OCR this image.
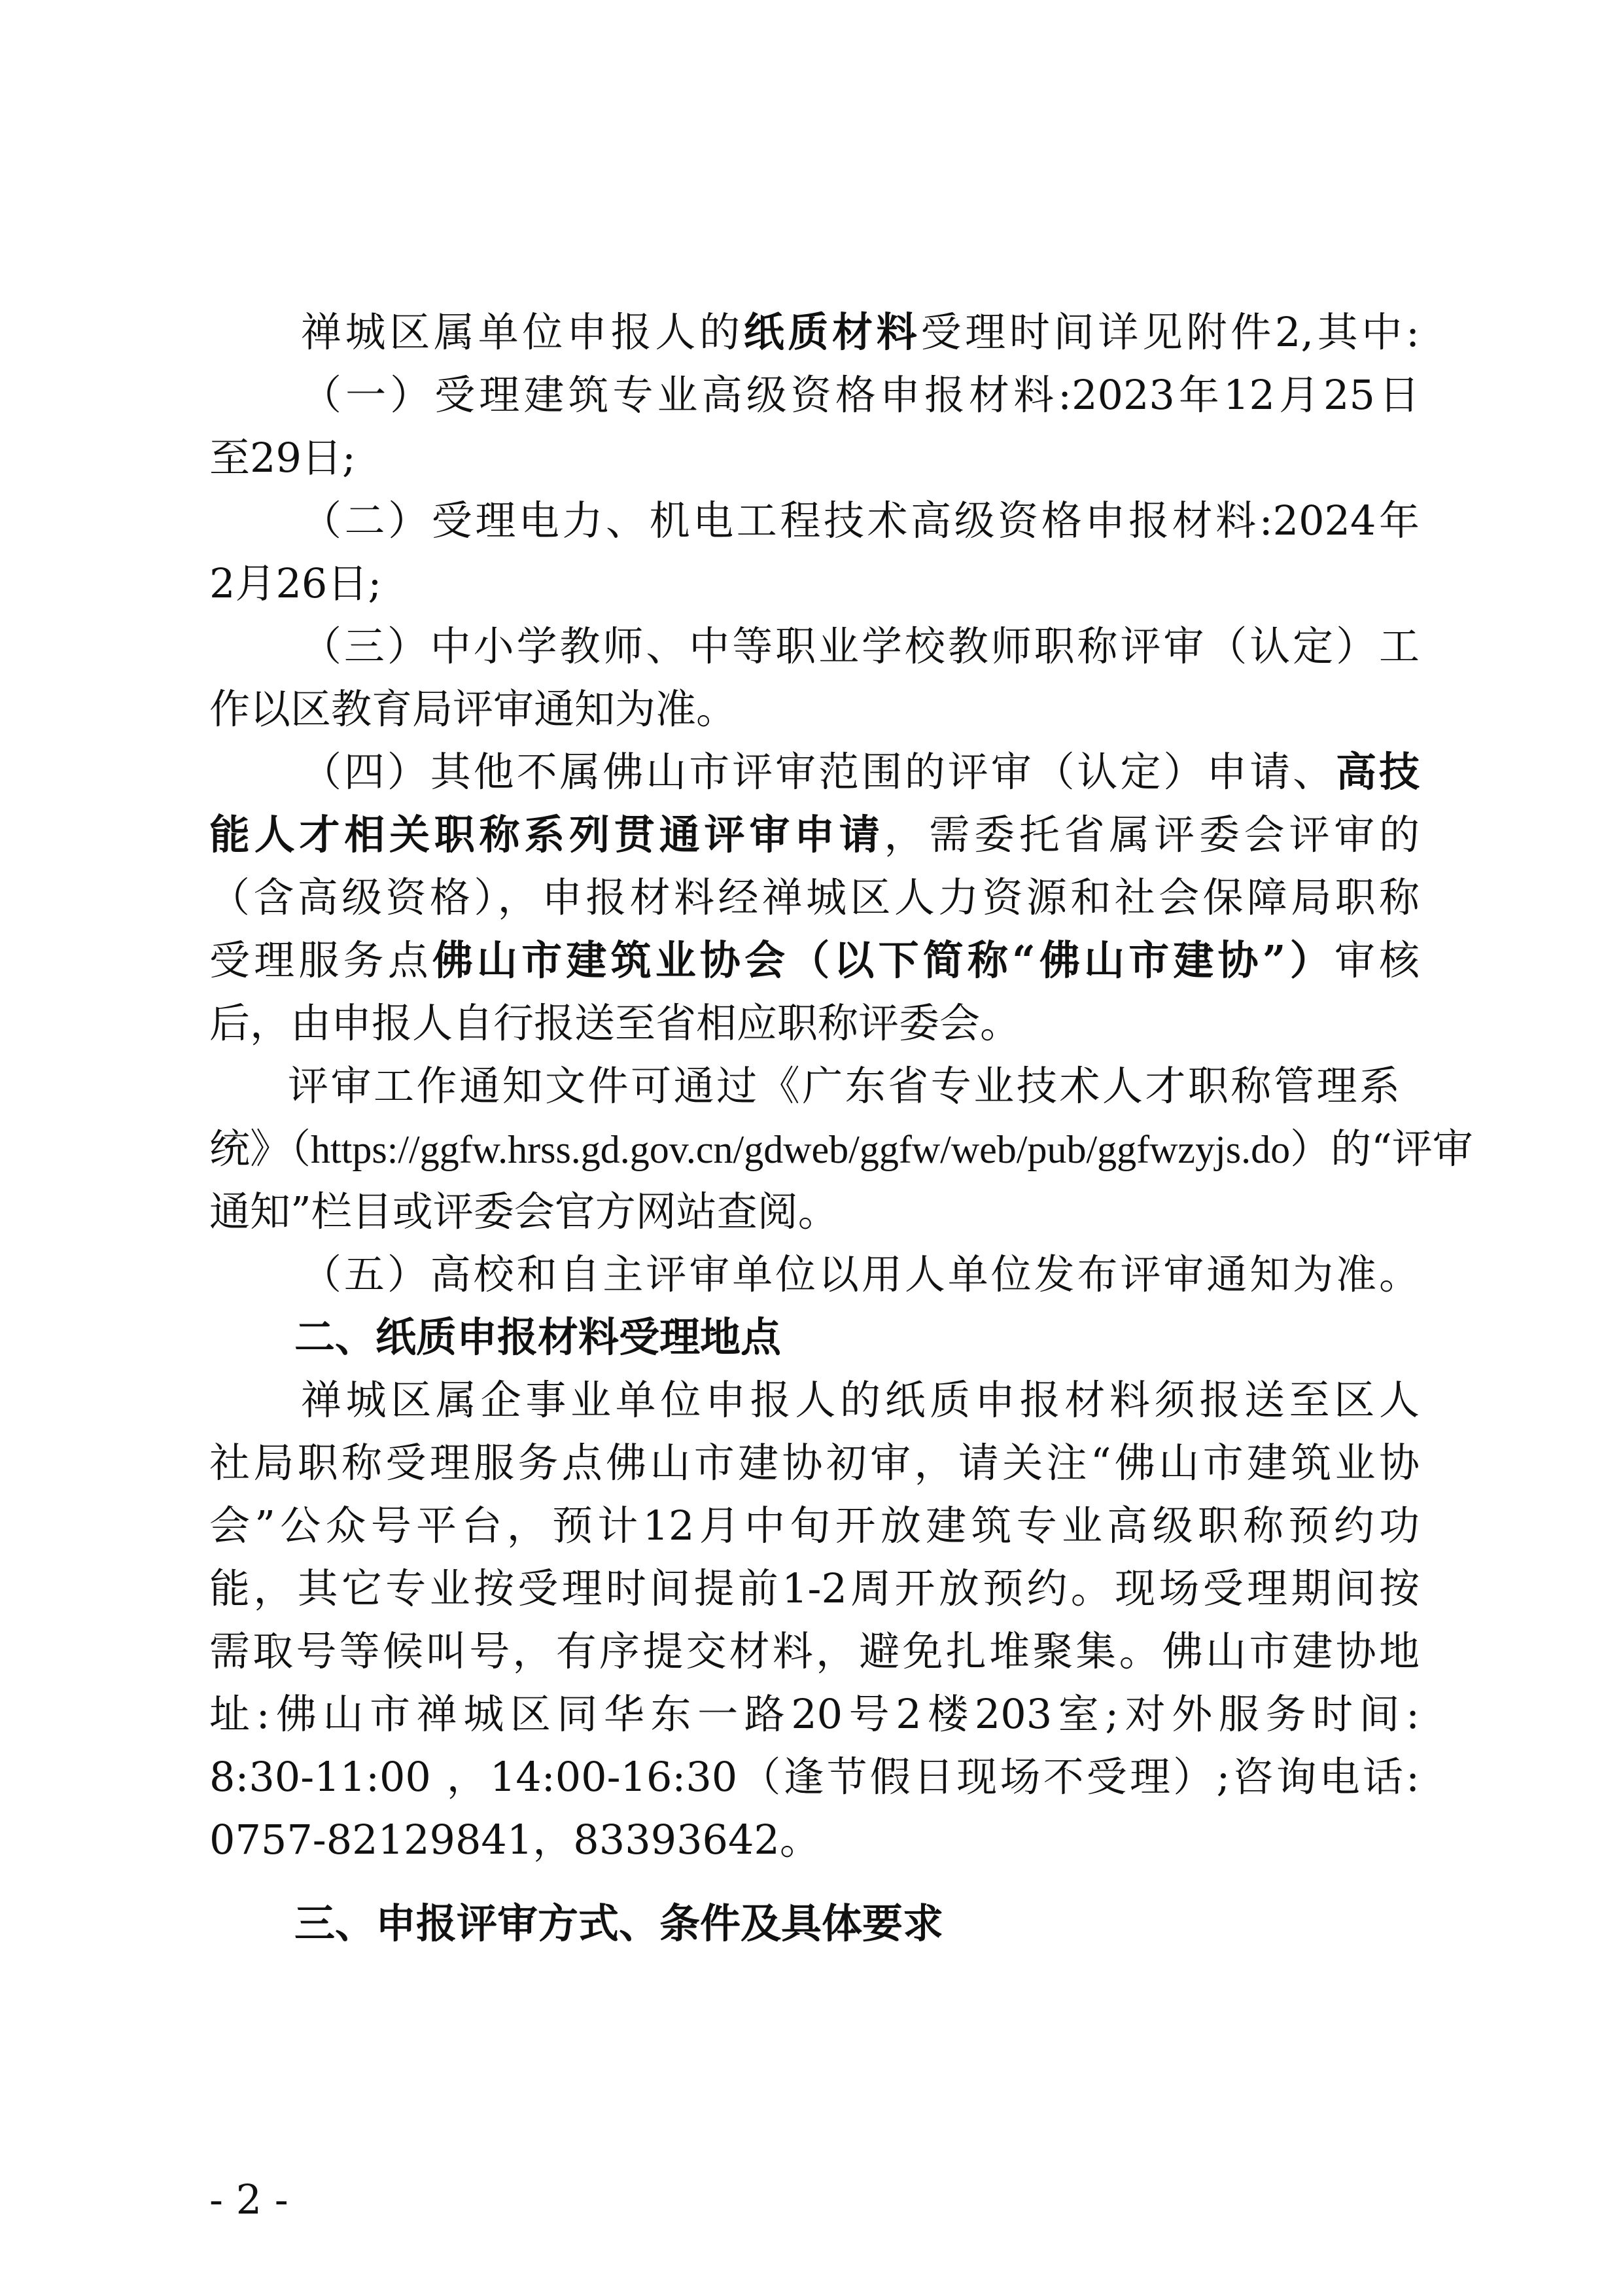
禅城区属单位申报人的纸质材料受理时间详见附件2,其中:

（一）受理建筑专业高级资格申报材料:2023年12月25日

至29日;

（二）受理电力、机电工程技术高级资格申报材料:2024年

2月26日;

（三）中小学教师、中等职业学校教师职称评审（认定）工

作以区教育局评审通知为准。

（四）其他不属佛山市评审范围的评审（认定）申请、高技

能人才相关职称系列贯通评审申请，需委托省属评委会评审的

（含高级资格），申报材料经禅城区人力资源和社会保障局职称

受理服务点佛山市建筑业协会（以下简称“佛山市建协”）审核

后，由申报人自行报送至省相应职称评委会。

评审工作通知文件可通过《广东省专业技术人才职称管理系

统》（https://ggfw.hrss.gd.gov.cn/gdweb/ggfw/web/pub/ggfwzyjs.do）的“评审

通知”栏目或评委会官方网站查阅。

（五）高校和自主评审单位以用人单位发布评审通知为准。

二、纸质申报材料受理地点

禅城区属企事业单位申报人的纸质申报材料须报送至区人

社局职称受理服务点佛山市建协初审，请关注“佛山市建筑业协

会”公众号平台，预计12月中旬开放建筑专业高级职称预约功

能，其它专业按受理时间提前1-2周开放预约。现场受理期间按

需取号等候叫号，有序提交材料，避免扎堆聚集。佛山市建协地

址:佛山市禅城区同华东一路20号2楼203室;对外服务时间:

8:30-11:00 ，14:00-16:30（逢节假日现场不受理）;咨询电话:

0757-82129841，83393642。

三、申报评审方式、条件及具体要求

- 2 -
